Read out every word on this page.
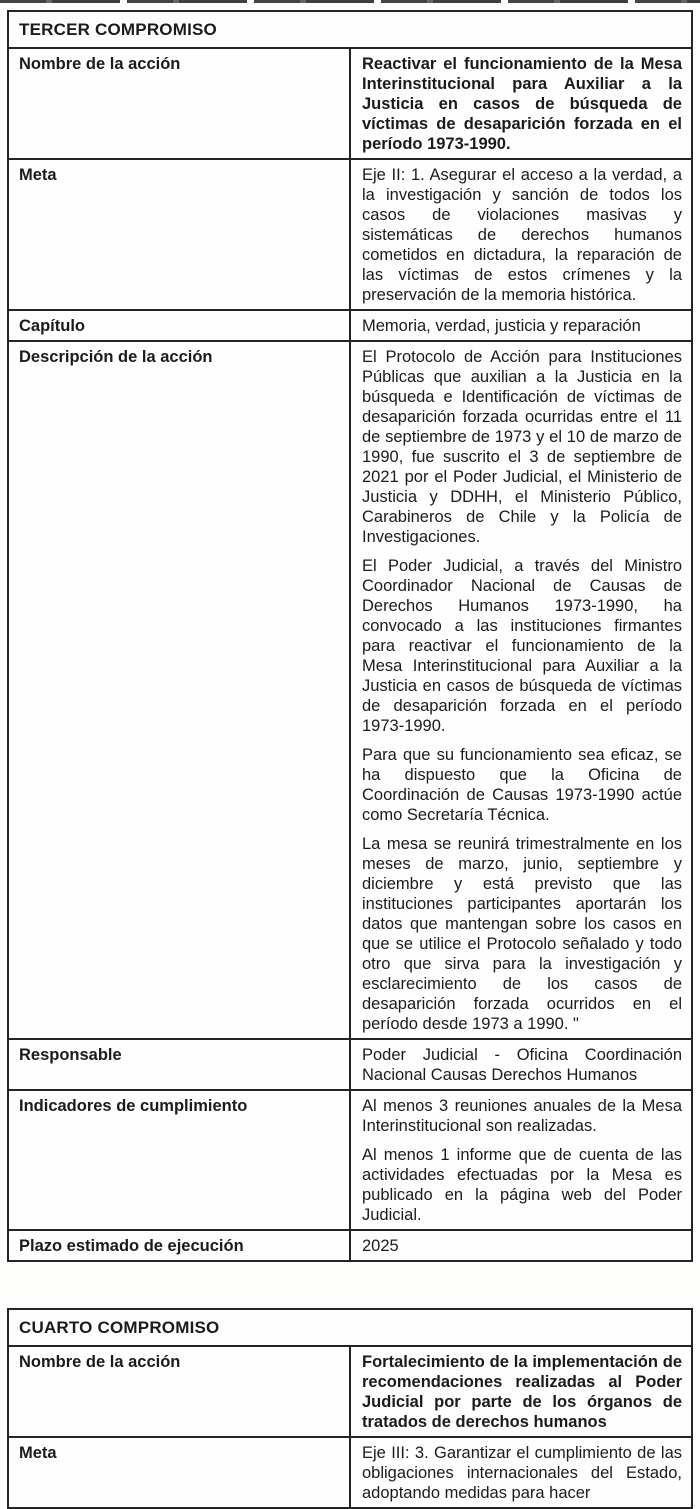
TERCER COMPROMISO	
Nombre de la acción	Reactivar el funcionamiento de la Mesa Interinstitucional para Auxiliar a la Justicia en casos de búsqueda de víctimas de desaparición forzada en el período 1973-1990.

Meta	Eje II: 1. Asegurar el acceso a la verdad, a la investigación y sanción de todos los casos de violaciones masivas y sistemáticas de derechos humanos cometidos en dictadura, la reparación de las víctimas de estos crímenes y la preservación de la memoria histórica.

Capítulo	Memoria, verdad, justicia y reparación

Descripción de la acción	El Protocolo de Acción para Instituciones Públicas que auxilian a la Justicia en la búsqueda e Identificación de víctimas de desaparición forzada ocurridas entre el 11 de septiembre de 1973 y el 10 de marzo de 1990, fue suscrito el 3 de septiembre de 2021 por el Poder Judicial, el Ministerio de Justicia y DDHH, el Ministerio Público, Carabineros de Chile y la Policía de Investigaciones.

El Poder Judicial, a través del Ministro Coordinador Nacional de Causas de Derechos Humanos 1973-1990, ha convocado a las instituciones firmantes para reactivar el funcionamiento de la Mesa Interinstitucional para Auxiliar a la Justicia en casos de búsqueda de víctimas de desaparición forzada en el período 1973-1990.

Para que su funcionamiento sea eficaz, se ha dispuesto que la Oficina de Coordinación de Causas 1973-1990 actúe como Secretaría Técnica.

La mesa se reunirá trimestralmente en los meses de marzo, junio, septiembre y diciembre y está previsto que las instituciones participantes aportarán los datos que mantengan sobre los casos en que se utilice el Protocolo señalado y todo otro que sirva para la investigación y esclarecimiento de los casos de desaparición forzada ocurridos en el período desde 1973 a 1990. "

Responsable	Poder Judicial - Oficina Coordinación Nacional Causas Derechos Humanos

Indicadores de cumplimiento	Al menos 3 reuniones anuales de la Mesa Interinstitucional son realizadas.

Al menos 1 informe que de cuenta de las actividades efectuadas por la Mesa es publicado en la página web del Poder Judicial.

Plazo estimado de ejecución	2025

CUARTO COMPROMISO	
Nombre de la acción	Fortalecimiento de la implementación de recomendaciones realizadas al Poder Judicial por parte de los órganos de tratados de derechos humanos

Meta	Eje III: 3. Garantizar el cumplimiento de las obligaciones internacionales del Estado, adoptando medidas para hacer
